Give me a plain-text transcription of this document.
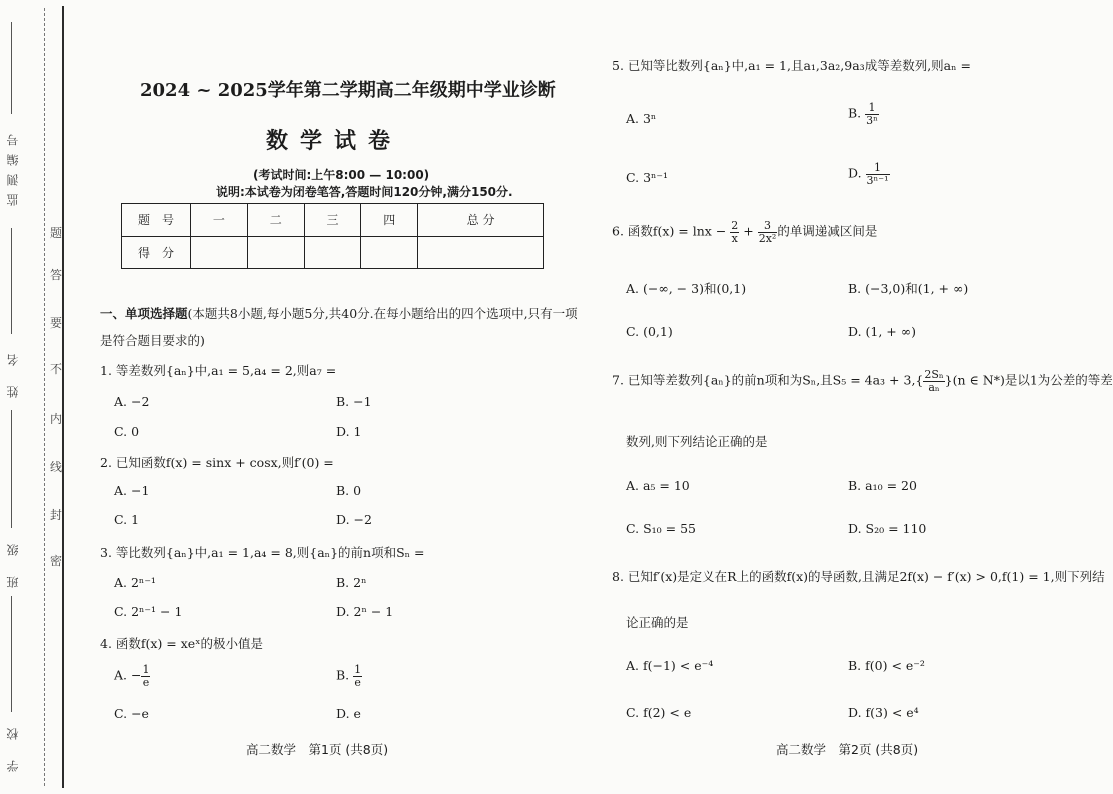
监测编号
姓 名
班 级
学 校
题
答
要
不
内
线
封
密
2024 ~ 2025学年第二学期高二年级期中学业诊断
数学试卷
(考试时间:上午8:00 — 10:00)
说明:本试卷为闭卷笔答,答题时间120分钟,满分150分.
题　号	一	二	三	四	总 分
得　分					
一、单项选择题(本题共8小题,每小题5分,共40分.在每小题给出的四个选项中,只有一项
是符合题目要求的)
1. 等差数列{aₙ}中,a₁ = 5,a₄ = 2,则a₇ =
A. −2	B. −1
C. 0	D. 1
2. 已知函数f(x) = sinx + cosx,则f′(0) =
A. −1	B. 0
C. 1	D. −2
3. 等比数列{aₙ}中,a₁ = 1,a₄ = 8,则{aₙ}的前n项和Sₙ =
A. 2ⁿ⁻¹	B. 2ⁿ
C. 2ⁿ⁻¹ − 1	D. 2ⁿ − 1
4. 函数f(x) = xeˣ的极小值是
A. − $\frac{1}{e}$	B. $\frac{1}{e}$
C. −e	D. e
高二数学　第1页 (共8页)
5. 已知等比数列{aₙ}中,a₁ = 1,且a₁,3a₂,9a₃成等差数列,则aₙ =
A. 3ⁿ	B. $\frac{1}{\text{3ⁿ}}$
C. 3ⁿ⁻¹	D. $\frac{1}{\text{3ⁿ⁻¹}}$
6. 函数$f(x) = \ln x - \frac{2}{x} + \frac{3}{\text{2x²}}$ 的单调递减区间是
A. (−∞, − 3)和(0,1)	B. (−3,0)和(1, + ∞)
C. (0,1)	D. (1, + ∞)
7. 已知等差数列{aₙ}的前n项和为Sₙ,且$S_5 = 4a_3 + 3,\{ \frac{\text{2Sₙ}}{\text{aₙ}} \}(n$ ∈ N*)是以1为公差的等差
数列,则下列结论正确的是
A. a₅ = 10	B. a₁₀ = 20
C. S₁₀ = 55	D. S₂₀ = 110
8. 已知f′(x)是定义在R上的函数f(x)的导函数,且满足2f(x) − f′(x) > 0,f(1) = 1,则下列结
论正确的是
A. f(−1) < e⁻⁴	B. f(0) < e⁻²
C. f(2) < e	D. f(3) < e⁴
高二数学　第2页 (共8页)
